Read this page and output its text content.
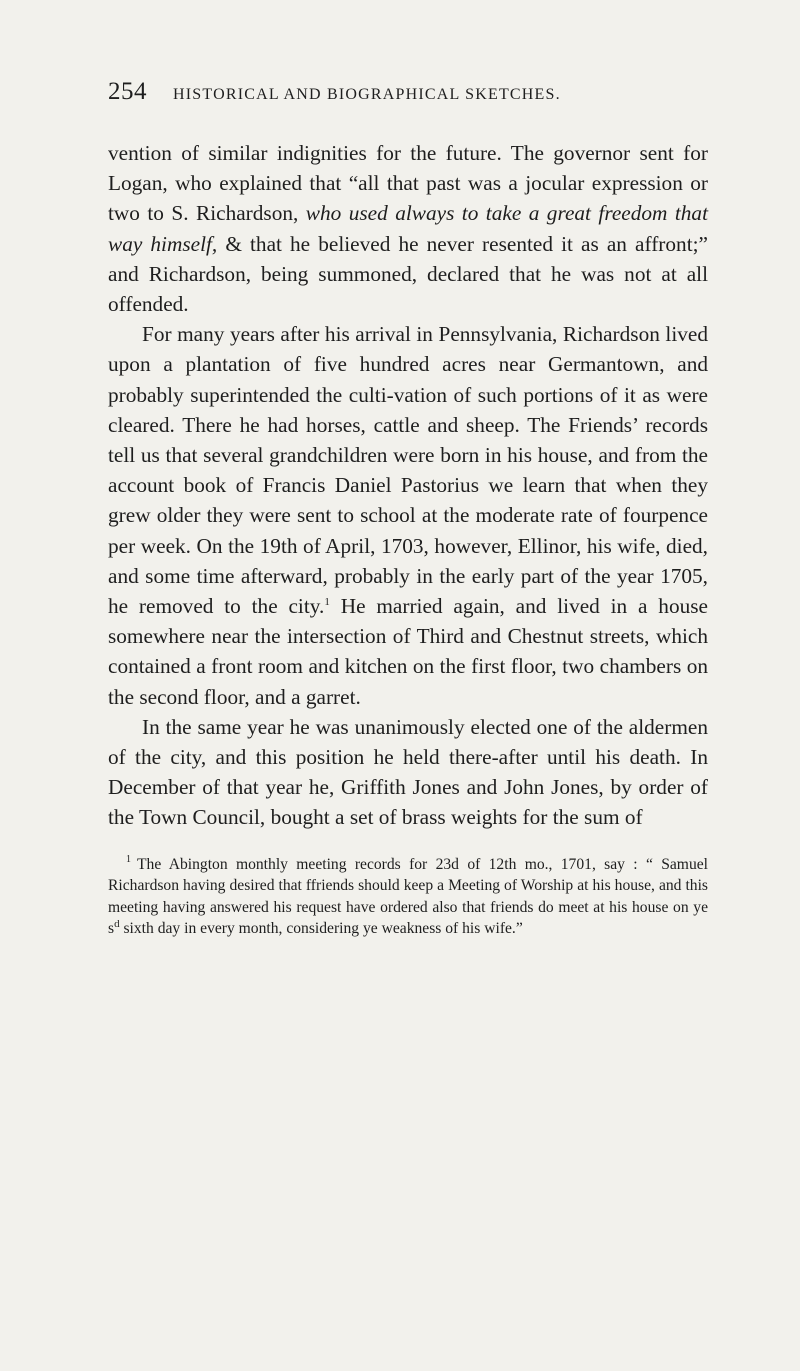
254 HISTORICAL AND BIOGRAPHICAL SKETCHES.

vention of similar indignities for the future. The governor sent for Logan, who explained that “all that past was a jocular expression or two to S. Richardson, who used always to take a great freedom that way himself, & that he believed he never resented it as an affront;” and Richardson, being summoned, declared that he was not at all offended.

For many years after his arrival in Pennsylvania, Richardson lived upon a plantation of five hundred acres near Germantown, and probably superintended the culti-vation of such portions of it as were cleared. There he had horses, cattle and sheep. The Friends’ records tell us that several grandchildren were born in his house, and from the account book of Francis Daniel Pastorius we learn that when they grew older they were sent to school at the moderate rate of fourpence per week. On the 19th of April, 1703, however, Ellinor, his wife, died, and some time afterward, probably in the early part of the year 1705, he removed to the city.$^1$ He married again, and lived in a house somewhere near the intersection of Third and Chestnut streets, which contained a front room and kitchen on the first floor, two chambers on the second floor, and a garret.

In the same year he was unanimously elected one of the aldermen of the city, and this position he held there-after until his death. In December of that year he, Griffith Jones and John Jones, by order of the Town Council, bought a set of brass weights for the sum of

$^1$ The Abington monthly meeting records for 23d of 12th mo., 1701, say : “ Samuel Richardson having desired that ffriends should keep a Meeting of Worship at his house, and this meeting having answered his request have ordered also that friends do meet at his house on ye $s^d$ sixth day in every month, considering ye weakness of his wife.”
